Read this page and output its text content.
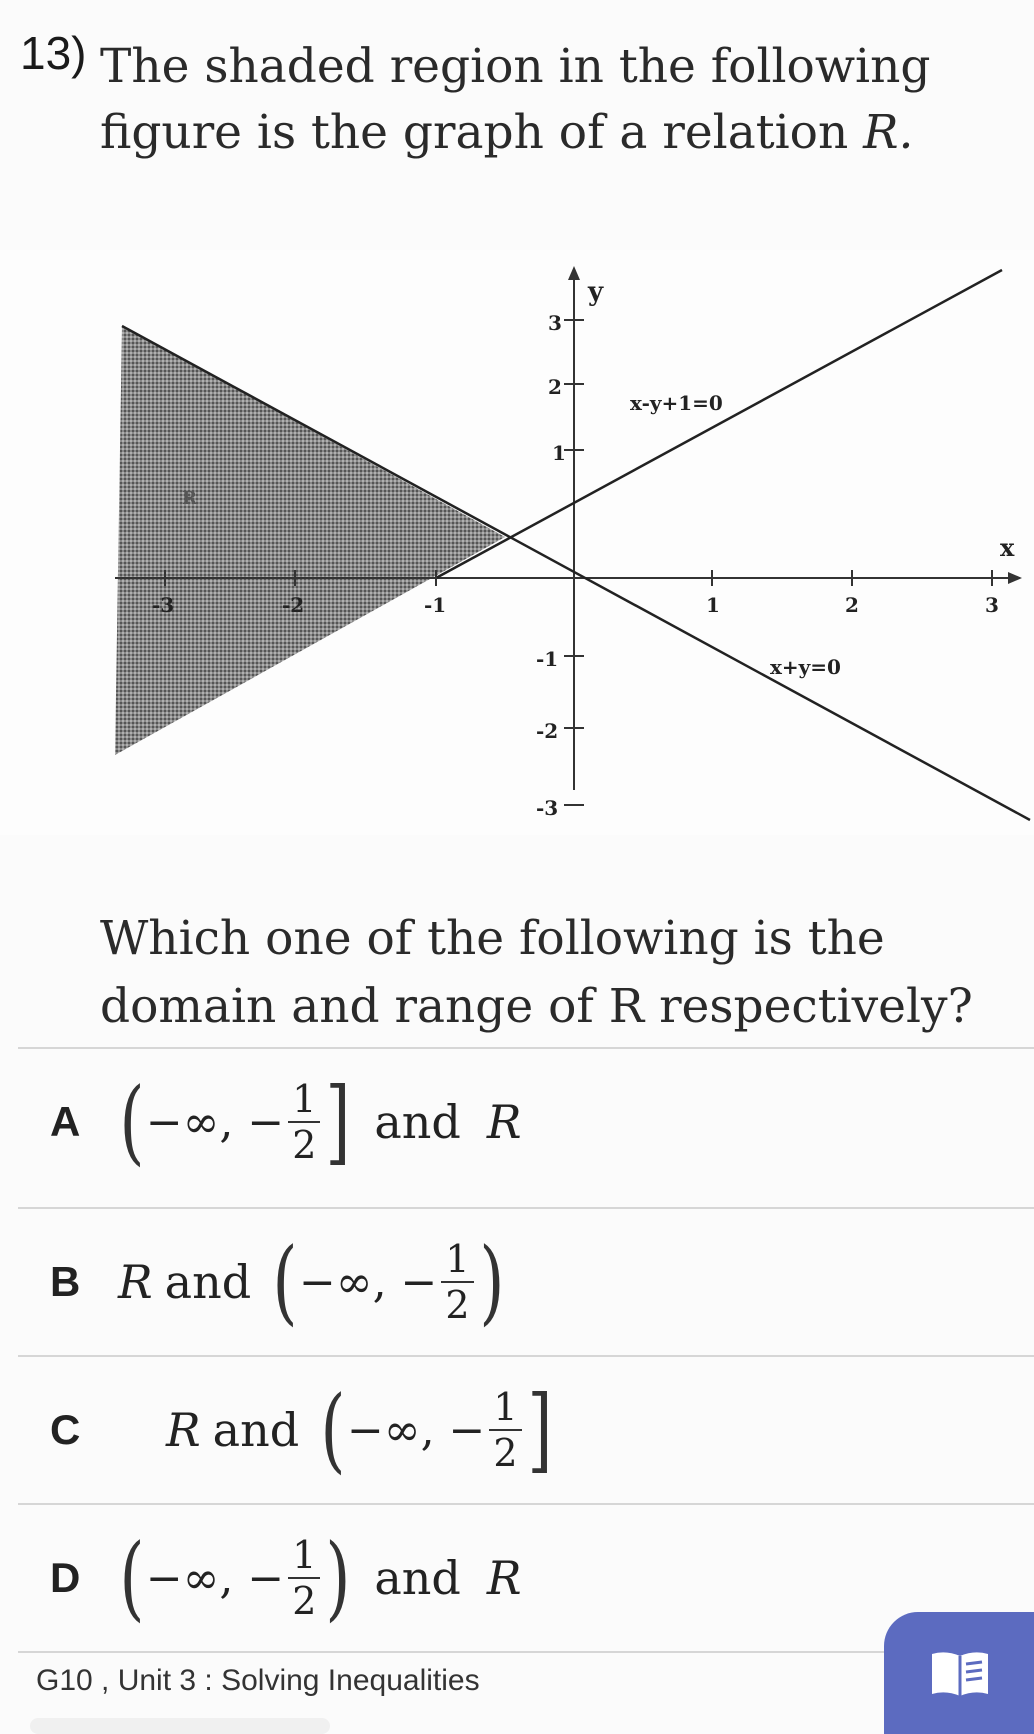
13) The shaded region in the following figure is the graph of a relation R.
y
x
3
2
1
-1
-2
-3
-3	-2	-1	1	2	3
x-y+1=0
x+y=0
R
Which one of the following is the domain and range of R respectively?
A ( −∞, − $\frac{1}{2}$ ] and R
B R and ( −∞, − $\frac{1}{2}$ )
C R and ( −∞, − $\frac{1}{2}$ ]
D ( −∞, − $\frac{1}{2}$ ) and R
G10 , Unit 3 : Solving Inequalities
